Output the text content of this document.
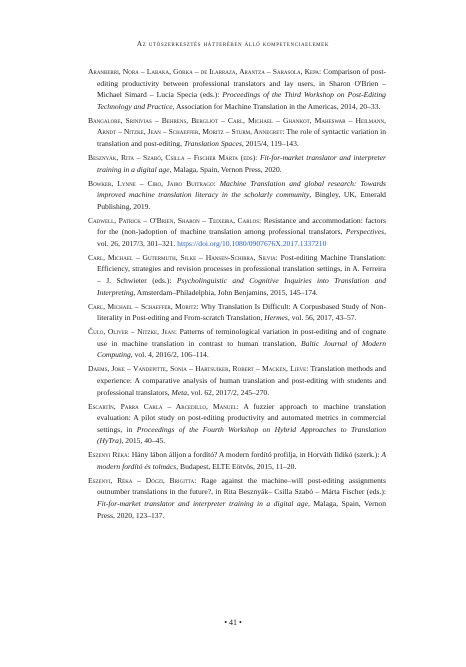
Az utószerkesztés hátterében álló kompetenciaelemek

Aranberri, Nora – Labaka, Gorka – de Ilarraza, Arantza – Sarasola, Kepa: Comparison of post-editing productivity between professional translators and lay users, in Sharon O'Brien – Michael Simard – Lucia Specia (eds.): Proceedings of the Third Workshop on Post-Editing Technology and Practice, Association for Machine Translation in the Americas, 2014, 20–33.

Bangalore, Srinivias – Behrens, Bergljot – Carl, Michael – Ghankot, Maheswar – Heilmann, Arndt – Nitzke, Jean – Schaeffer, Moritz – Sturm, Annegret: The role of syntactic variation in translation and post-editing, Translation Spaces, 2015/4, 119–143.

Besznyák, Rita – Szabó, Csilla – Fischer Márta (eds): Fit-for-market translator and interpreter training in a digital age, Malaga, Spain, Vernon Press, 2020.

Bowker, Lynne – Ciro, Jairo Buitrago: Machine Translation and global research: Towards improved machine translation literacy in the scholarly community, Bingley, UK, Emerald Publishing, 2019.

Cadwell, Patrick – O'Brien, Sharon – Teixeira, Carlos: Resistance and accommodation: factors for the (non-)adoption of machine translation among professional translators, Perspectives, vol. 26, 2017/3, 301–321. https://doi.org/10.1080/0907676X.2017.1337210

Carl, Michael – Gutermuth, Silke – Hansen-Schirra, Silvia: Post-editing Machine Translation: Efficiency, strategies and revision processes in professional translation settings, in A. Ferreira – J. Schwieter (eds.): Psycholinguistic and Cognitive Inquiries into Translation and Interpreting, Amsterdam–Philadelphia, John Benjamins, 2015, 145–174.

Carl, Michael – Schaeffer, Moritz: Why Translation Is Difficult: A Corpusbased Study of Non-literality in Post-editing and From-scratch Translation, Hermes, vol. 56, 2017, 43–57.

Čulo, Oliver – Nitzke, Jean: Patterns of terminological variation in post-editing and of cognate use in machine translation in contrast to human translation, Baltic Journal of Modern Computing, vol. 4, 2016/2, 106–114.

Daems, Joke – Vandepitte, Sonia – Hartsuiker, Robert – Macken, Lieve: Translation methods and experience: A comparative analysis of human translation and post-editing with students and professional translators, Meta, vol. 62, 2017/2, 245–270.

Escartín, Parra Carla – Arcedillo, Manuel: A fuzzier approach to machine translation evaluation: A pilot study on post-editing productivity and automated metrics in commercial settings, in Proceedings of the Fourth Workshop on Hybrid Approaches to Translation (HyTra), 2015, 40–45.

Eszenyi Réka: Hány lábon álljon a fordító? A modern fordító profilja, in Horváth Ildikó (szerk.): A modern fordító és tolmács, Budapest, ELTE Eötvös, 2015, 11–20.

Eszenyi, Réka – Dóczi, Brigitta: Rage against the machine–will post-editing assignments outnumber translations in the future?, in Rita Besznyák– Csilla Szabó – Márta Fischer (eds.): Fit-for-market translator and interpreter training in a digital age, Malaga, Spain, Vernon Press, 2020, 123–137.

• 41 •
